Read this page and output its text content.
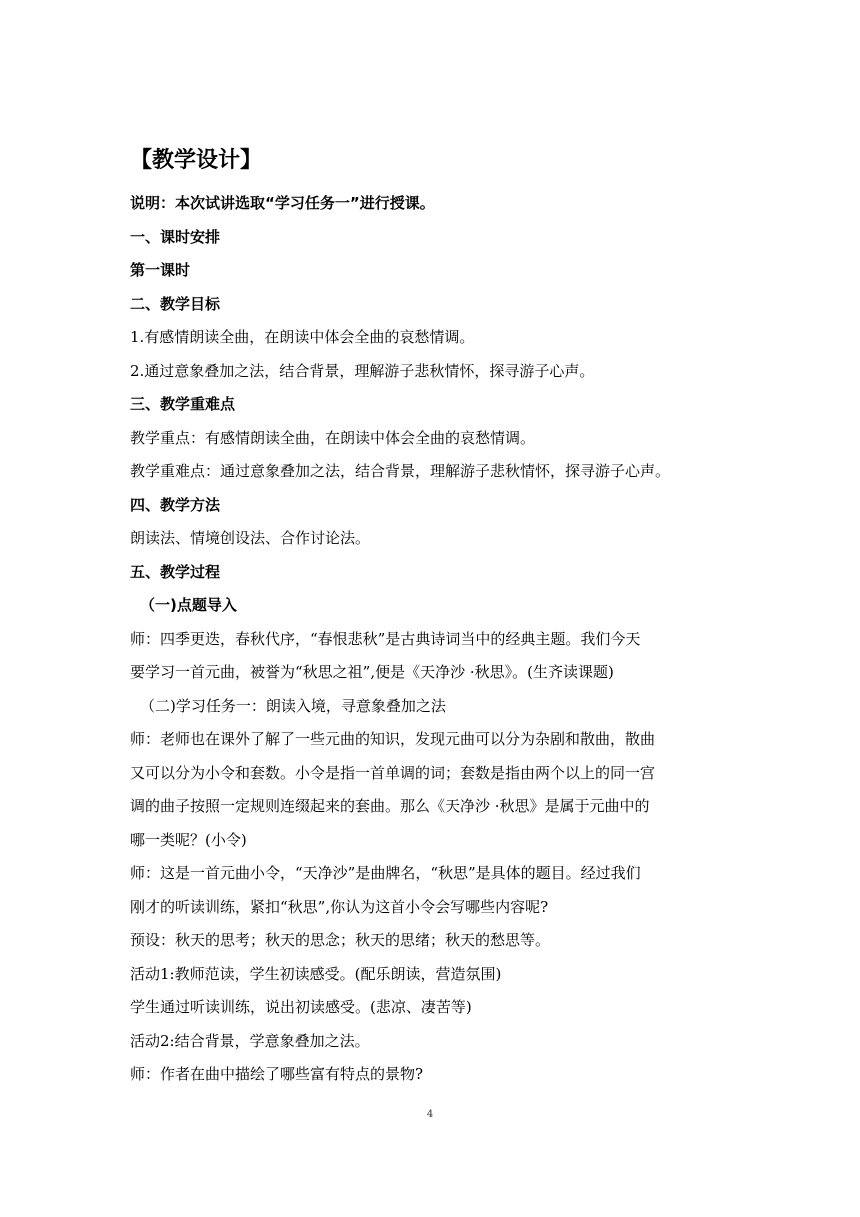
【教学设计】
说明：本次试讲选取“学习任务一”进行授课。
一、课时安排
第一课时
二、教学目标
1.有感情朗读全曲，在朗读中体会全曲的哀愁情调。
2.通过意象叠加之法，结合背景，理解游子悲秋情怀，探寻游子心声。
三、教学重难点
教学重点：有感情朗读全曲，在朗读中体会全曲的哀愁情调。
教学重难点：通过意象叠加之法，结合背景，理解游子悲秋情怀，探寻游子心声。
四、教学方法
朗读法、情境创设法、合作讨论法。
五、教学过程
（一)点题导入
师：四季更迭，春秋代序，“春恨悲秋”是古典诗词当中的经典主题。我们今天
要学习一首元曲，被誉为“秋思之祖”,便是《天净沙 ·秋思》。(生齐读课题)
（二)学习任务一：朗读入境，寻意象叠加之法
师：老师也在课外了解了一些元曲的知识，发现元曲可以分为杂剧和散曲，散曲
又可以分为小令和套数。小令是指一首单调的词；套数是指由两个以上的同一宫
调的曲子按照一定规则连缀起来的套曲。那么《天净沙 ·秋思》是属于元曲中的
哪一类呢？(小令)
师：这是一首元曲小令，“天净沙”是曲牌名，“秋思”是具体的题目。经过我们
刚才的听读训练，紧扣“秋思”,你认为这首小令会写哪些内容呢?
预设：秋天的思考；秋天的思念；秋天的思绪；秋天的愁思等。
活动1:教师范读，学生初读感受。(配乐朗读，营造氛围)
学生通过听读训练，说出初读感受。(悲凉、凄苦等)
活动2:结合背景，学意象叠加之法。
师：作者在曲中描绘了哪些富有特点的景物?
4
